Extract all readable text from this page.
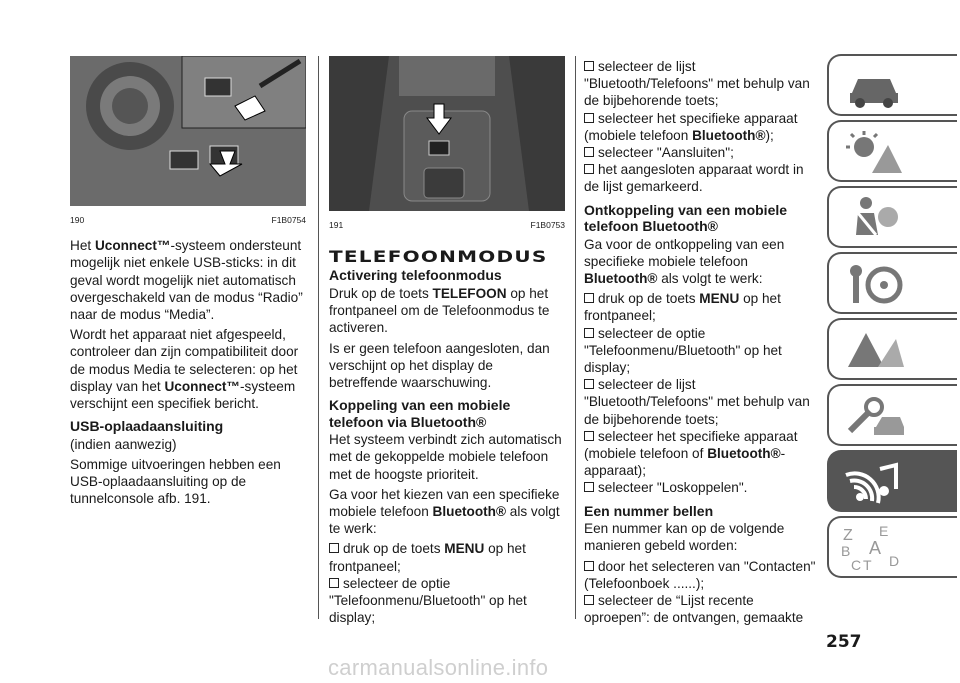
190	F1B0754

Het Uconnect™-systeem ondersteunt mogelijk niet enkele USB-sticks: in dit geval wordt mogelijk niet automatisch overgeschakeld van de modus “Radio” naar de modus “Media”.

Wordt het apparaat niet afgespeeld, controleer dan zijn compatibiliteit door de modus Media te selecteren: op het display van het Uconnect™-systeem verschijnt een specifiek bericht.

USB-oplaadaansluiting

(indien aanwezig)

Sommige uitvoeringen hebben een USB-oplaadaansluiting op de tunnelconsole afb. 191.

191	F1B0753
TELEFOONMODUS
Activering telefoonmodus

Druk op de toets TELEFOON op het frontpaneel om de Telefoonmodus te activeren.

Is er geen telefoon aangesloten, dan verschijnt op het display de betreffende waarschuwing.

Koppeling van een mobiele telefoon via Bluetooth®

Het systeem verbindt zich automatisch met de gekoppelde mobiele telefoon met de hoogste prioriteit.

Ga voor het kiezen van een specifieke mobiele telefoon Bluetooth® als volgt te werk:

druk op de toets MENU op het frontpaneel;
selecteer de optie "Telefoonmenu/Bluetooth" op het display;
selecteer de lijst "Bluetooth/Telefoons" met behulp van de bijbehorende toets;
selecteer het specifieke apparaat (mobiele telefoon Bluetooth®);
selecteer "Aansluiten";
het aangesloten apparaat wordt in de lijst gemarkeerd.
Ontkoppeling van een mobiele telefoon Bluetooth®

Ga voor de ontkoppeling van een specifieke mobiele telefoon Bluetooth® als volgt te werk:

druk op de toets MENU op het frontpaneel;
selecteer de optie "Telefoonmenu/Bluetooth" op het display;
selecteer de lijst "Bluetooth/Telefoons" met behulp van de bijbehorende toets;
selecteer het specifieke apparaat (mobiele telefoon of Bluetooth®-apparaat);
selecteer "Loskoppelen".
Een nummer bellen

Een nummer kan op de volgende manieren gebeld worden:

door het selecteren van "Contacten" (Telefoonboek ......);
selecteer de “Lijst recente oproepen”: de ontvangen, gemaakte
Z E
B A
C T D
257
carmanualsonline.info
